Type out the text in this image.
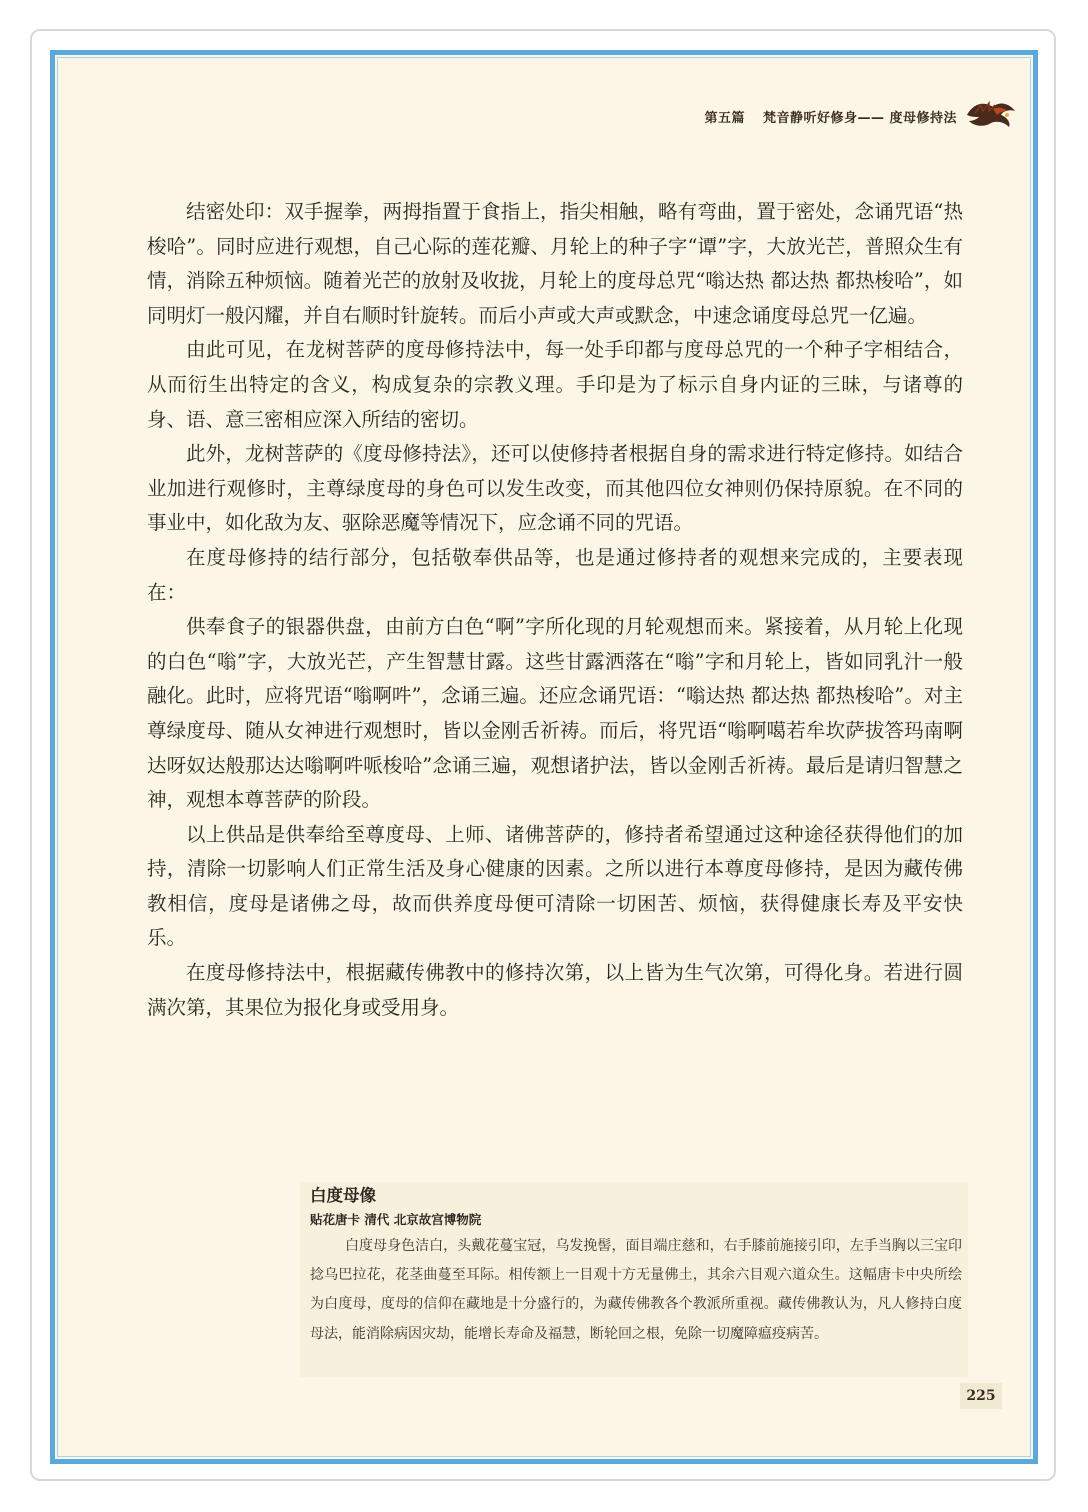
第五篇 梵音静听好修身—— 度母修持法

结密处印：双手握拳，两拇指置于食指上，指尖相触，略有弯曲，置于密处，念诵咒语“热梭哈”。同时应进行观想，自己心际的莲花瓣、月轮上的种子字“谭”字，大放光芒，普照众生有情，消除五种烦恼。随着光芒的放射及收拢，月轮上的度母总咒“嗡达热 都达热 都热梭哈”，如同明灯一般闪耀，并自右顺时针旋转。而后小声或大声或默念，中速念诵度母总咒一亿遍。

由此可见，在龙树菩萨的度母修持法中，每一处手印都与度母总咒的一个种子字相结合，从而衍生出特定的含义，构成复杂的宗教义理。手印是为了标示自身内证的三昧，与诸尊的身、语、意三密相应深入所结的密切。

此外，龙树菩萨的《度母修持法》，还可以使修持者根据自身的需求进行特定修持。如结合业加进行观修时，主尊绿度母的身色可以发生改变，而其他四位女神则仍保持原貌。在不同的事业中，如化敌为友、驱除恶魔等情况下，应念诵不同的咒语。

在度母修持的结行部分，包括敬奉供品等，也是通过修持者的观想来完成的，主要表现在：

供奉食子的银器供盘，由前方白色“啊”字所化现的月轮观想而来。紧接着，从月轮上化现的白色“嗡”字，大放光芒，产生智慧甘露。这些甘露洒落在“嗡”字和月轮上，皆如同乳汁一般融化。此时，应将咒语“嗡啊吽”，念诵三遍。还应念诵咒语：“嗡达热 都达热 都热梭哈”。对主尊绿度母、随从女神进行观想时，皆以金刚舌祈祷。而后，将咒语“嗡啊噶若牟坎萨拔答玛南啊达呀奴达般那达达嗡啊吽哌梭哈”念诵三遍，观想诸护法，皆以金刚舌祈祷。最后是请归智慧之神，观想本尊菩萨的阶段。

以上供品是供奉给至尊度母、上师、诸佛菩萨的，修持者希望通过这种途径获得他们的加持，清除一切影响人们正常生活及身心健康的因素。之所以进行本尊度母修持，是因为藏传佛教相信，度母是诸佛之母，故而供养度母便可清除一切困苦、烦恼，获得健康长寿及平安快乐。

在度母修持法中，根据藏传佛教中的修持次第，以上皆为生气次第，可得化身。若进行圆满次第，其果位为报化身或受用身。

白度母像
贴花唐卡 清代 北京故宫博物院

白度母身色洁白，头戴花蔓宝冠，乌发挽髻，面目端庄慈和，右手膝前施接引印，左手当胸以三宝印捻乌巴拉花，花茎曲蔓至耳际。相传额上一目观十方无量佛土，其余六目观六道众生。这幅唐卡中央所绘为白度母，度母的信仰在藏地是十分盛行的，为藏传佛教各个教派所重视。藏传佛教认为，凡人修持白度母法，能消除病因灾劫，能增长寿命及福慧，断轮回之根，免除一切魔障瘟疫病苦。

225
